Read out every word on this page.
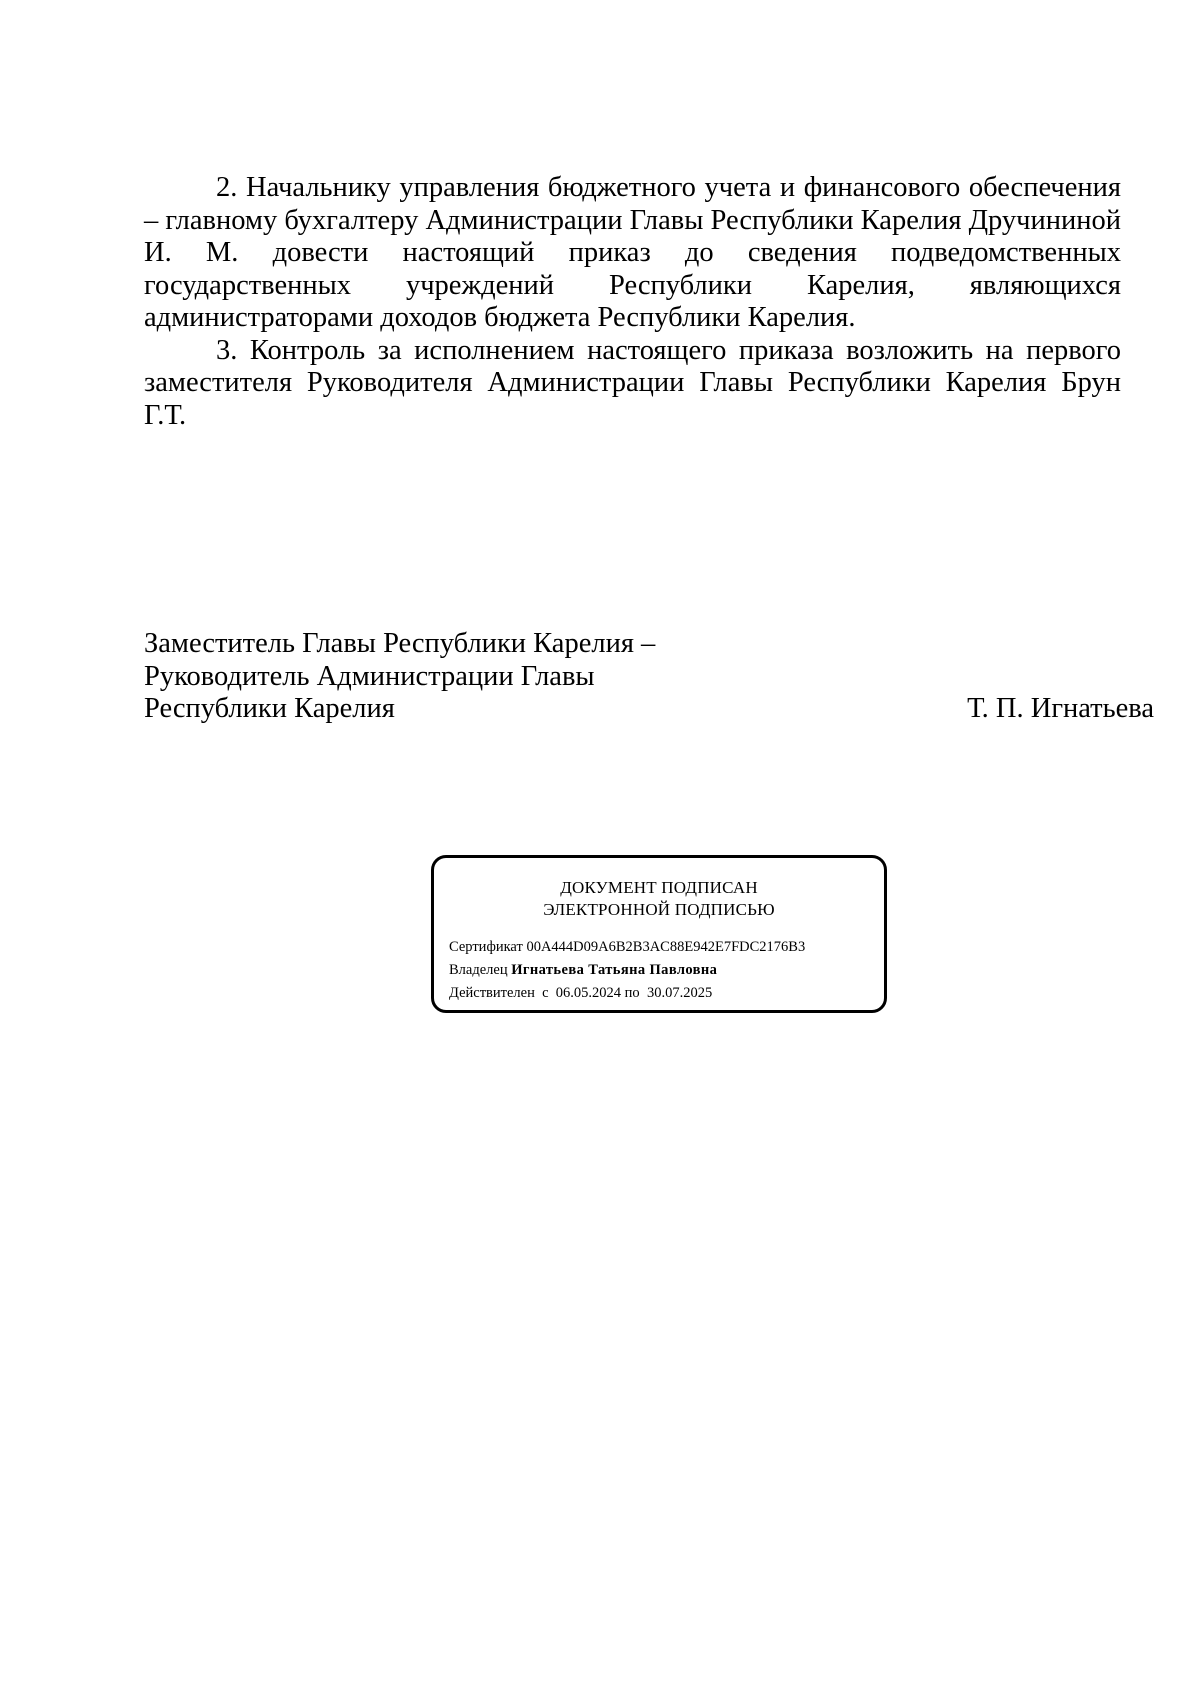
2. Начальнику управления бюджетного учета и финансового обеспечения – главному бухгалтеру Администрации Главы Республики Карелия Дручининой И. М. довести настоящий приказ до сведения подведомственных государственных учреждений Республики Карелия, являющихся администраторами доходов бюджета Республики Карелия.

3. Контроль за исполнением настоящего приказа возложить на первого заместителя Руководителя Администрации Главы Республики Карелия Брун Г.Т.

Заместитель Главы Республики Карелия –
Руководитель Администрации Главы
Республики Карелия	Т. П. Игнатьева
ДОКУМЕНТ ПОДПИСАН
ЭЛЕКТРОННОЙ ПОДПИСЬЮ
Сертификат 00A444D09A6B2B3AC88E942E7FDC2176B3
Владелец Игнатьева Татьяна Павловна
Действителен с 06.05.2024 по 30.07.2025
